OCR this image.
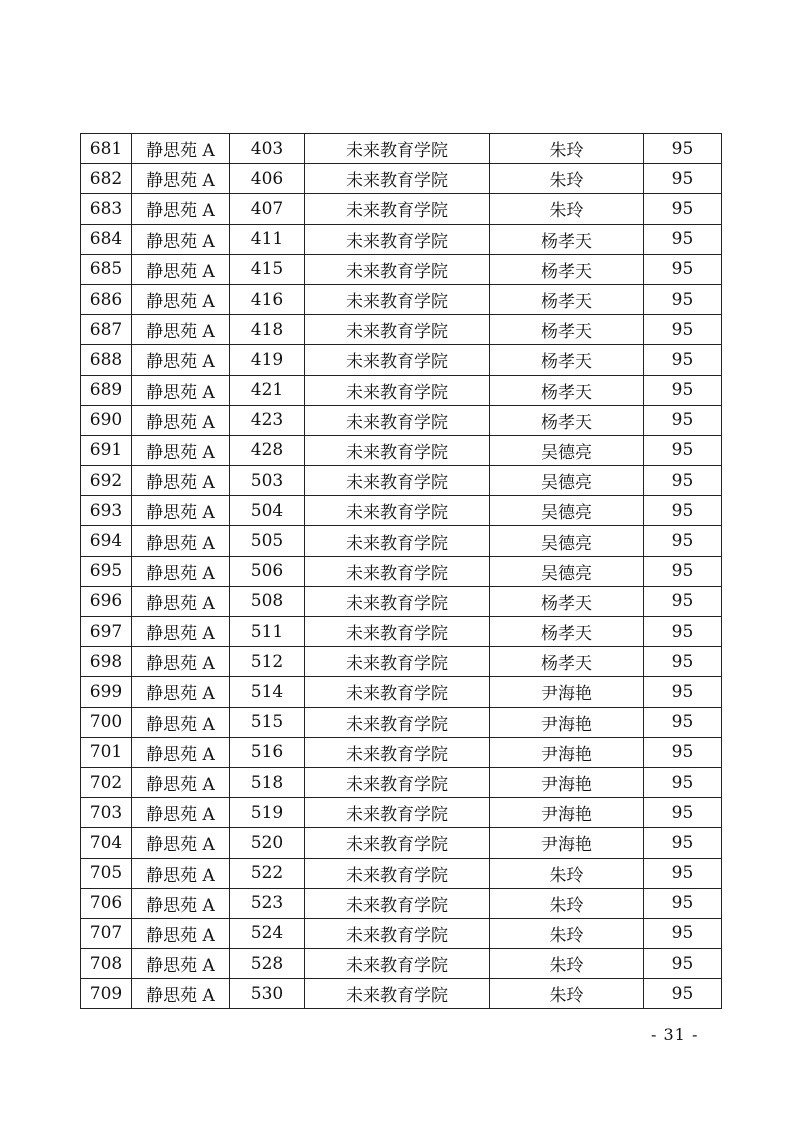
681	静思苑 A	403	未来教育学院	朱玲	95
682	静思苑 A	406	未来教育学院	朱玲	95
683	静思苑 A	407	未来教育学院	朱玲	95
684	静思苑 A	411	未来教育学院	杨孝天	95
685	静思苑 A	415	未来教育学院	杨孝天	95
686	静思苑 A	416	未来教育学院	杨孝天	95
687	静思苑 A	418	未来教育学院	杨孝天	95
688	静思苑 A	419	未来教育学院	杨孝天	95
689	静思苑 A	421	未来教育学院	杨孝天	95
690	静思苑 A	423	未来教育学院	杨孝天	95
691	静思苑 A	428	未来教育学院	吴德亮	95
692	静思苑 A	503	未来教育学院	吴德亮	95
693	静思苑 A	504	未来教育学院	吴德亮	95
694	静思苑 A	505	未来教育学院	吴德亮	95
695	静思苑 A	506	未来教育学院	吴德亮	95
696	静思苑 A	508	未来教育学院	杨孝天	95
697	静思苑 A	511	未来教育学院	杨孝天	95
698	静思苑 A	512	未来教育学院	杨孝天	95
699	静思苑 A	514	未来教育学院	尹海艳	95
700	静思苑 A	515	未来教育学院	尹海艳	95
701	静思苑 A	516	未来教育学院	尹海艳	95
702	静思苑 A	518	未来教育学院	尹海艳	95
703	静思苑 A	519	未来教育学院	尹海艳	95
704	静思苑 A	520	未来教育学院	尹海艳	95
705	静思苑 A	522	未来教育学院	朱玲	95
706	静思苑 A	523	未来教育学院	朱玲	95
707	静思苑 A	524	未来教育学院	朱玲	95
708	静思苑 A	528	未来教育学院	朱玲	95
709	静思苑 A	530	未来教育学院	朱玲	95
- 31 -
